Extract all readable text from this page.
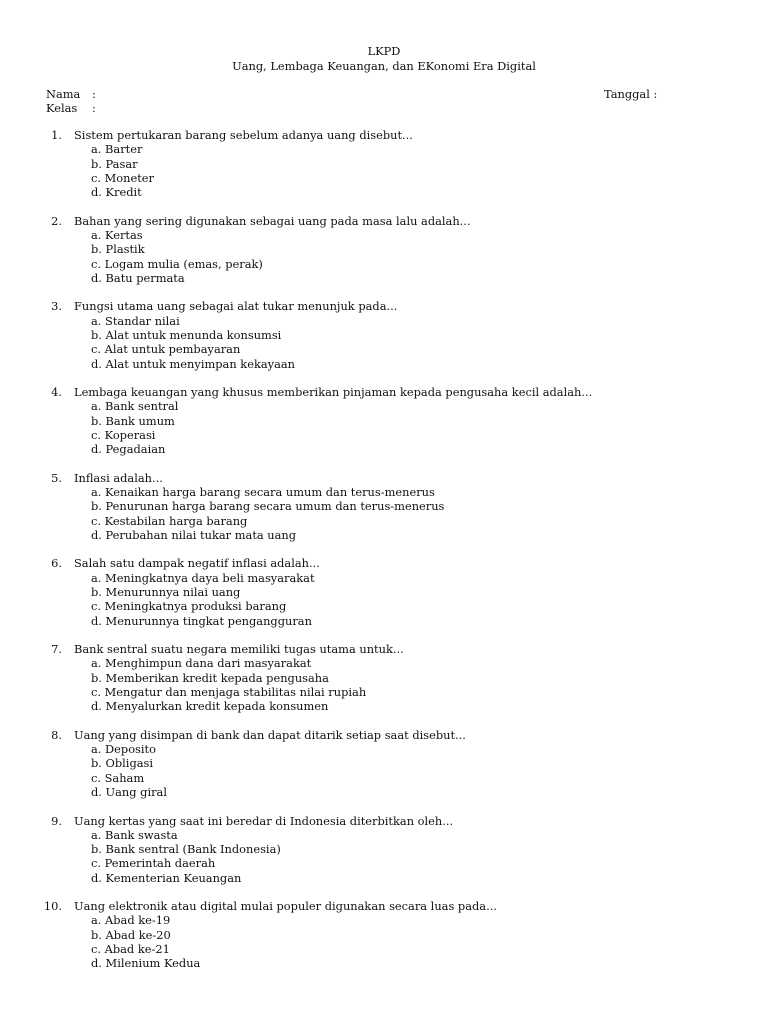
LKPD
Uang, Lembaga Keuangan, dan EKonomi Era Digital
Nama :
Kelas :
Tanggal :
1. Sistem pertukaran barang sebelum adanya uang disebut...
a. Barter
b. Pasar
c. Moneter
d. Kredit
2. Bahan yang sering digunakan sebagai uang pada masa lalu adalah...
a. Kertas
b. Plastik
c. Logam mulia (emas, perak)
d. Batu permata
3. Fungsi utama uang sebagai alat tukar menunjuk pada...
a. Standar nilai
b. Alat untuk menunda konsumsi
c. Alat untuk pembayaran
d. Alat untuk menyimpan kekayaan
4. Lembaga keuangan yang khusus memberikan pinjaman kepada pengusaha kecil adalah...
a. Bank sentral
b. Bank umum
c. Koperasi
d. Pegadaian
5. Inflasi adalah...
a. Kenaikan harga barang secara umum dan terus-menerus
b. Penurunan harga barang secara umum dan terus-menerus
c. Kestabilan harga barang
d. Perubahan nilai tukar mata uang
6. Salah satu dampak negatif inflasi adalah...
a. Meningkatnya daya beli masyarakat
b. Menurunnya nilai uang
c. Meningkatnya produksi barang
d. Menurunnya tingkat pengangguran
7. Bank sentral suatu negara memiliki tugas utama untuk...
a. Menghimpun dana dari masyarakat
b. Memberikan kredit kepada pengusaha
c. Mengatur dan menjaga stabilitas nilai rupiah
d. Menyalurkan kredit kepada konsumen
8. Uang yang disimpan di bank dan dapat ditarik setiap saat disebut...
a. Deposito
b. Obligasi
c. Saham
d. Uang giral
9. Uang kertas yang saat ini beredar di Indonesia diterbitkan oleh...
a. Bank swasta
b. Bank sentral (Bank Indonesia)
c. Pemerintah daerah
d. Kementerian Keuangan
10. Uang elektronik atau digital mulai populer digunakan secara luas pada...
a. Abad ke-19
b. Abad ke-20
c. Abad ke-21
d. Milenium Kedua
